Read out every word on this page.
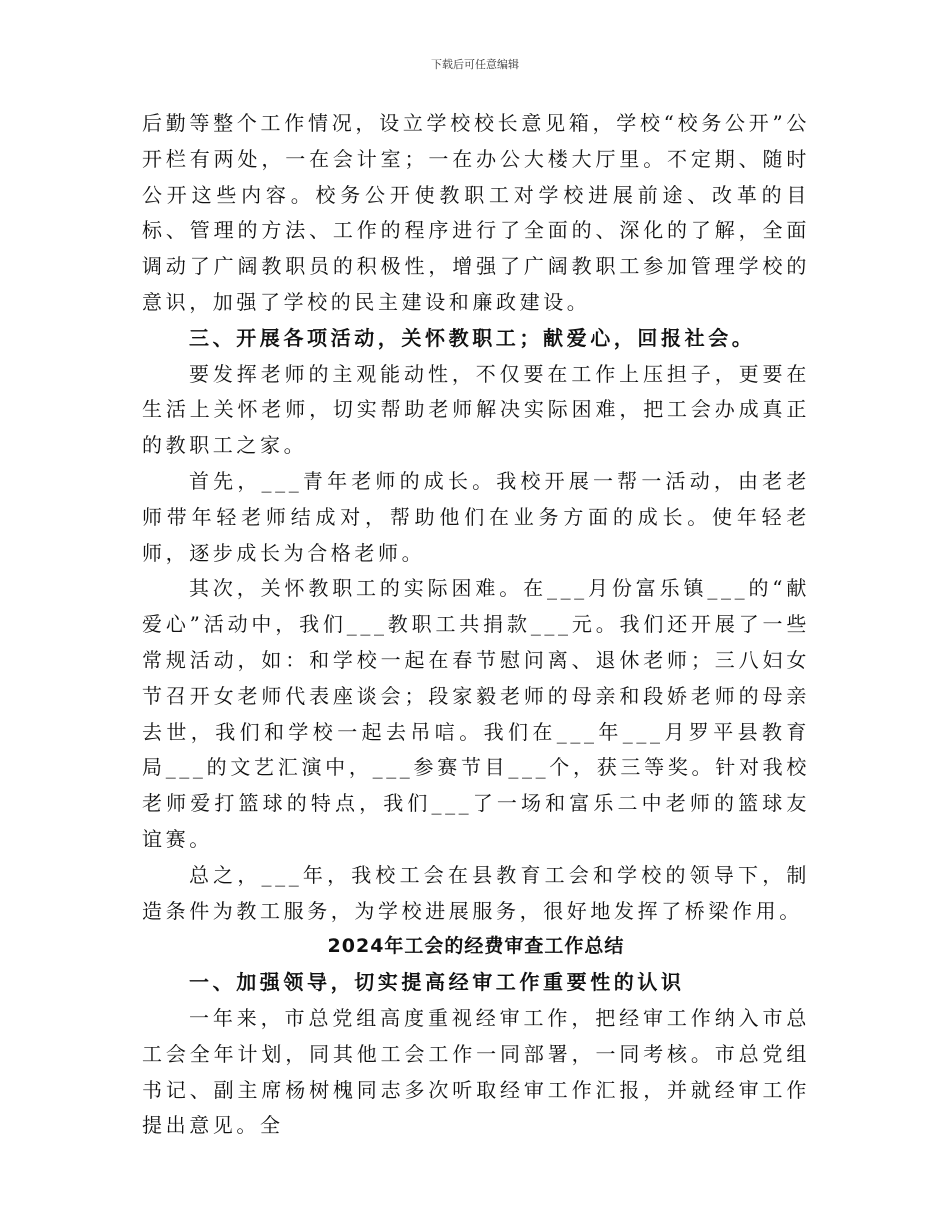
下载后可任意编辑

后勤等整个工作情况，设立学校校长意见箱，学校“校务公开”公开栏有两处，一在会计室；一在办公大楼大厅里。不定期、随时公开这些内容。校务公开使教职工对学校进展前途、改革的目标、管理的方法、工作的程序进行了全面的、深化的了解，全面调动了广阔教职员的积极性，增强了广阔教职工参加管理学校的意识，加强了学校的民主建设和廉政建设。

三、开展各项活动，关怀教职工；献爱心，回报社会。

要发挥老师的主观能动性，不仅要在工作上压担子，更要在生活上关怀老师，切实帮助老师解决实际困难，把工会办成真正的教职工之家。

首先，___青年老师的成长。我校开展一帮一活动，由老老师带年轻老师结成对，帮助他们在业务方面的成长。使年轻老师，逐步成长为合格老师。

其次，关怀教职工的实际困难。在___月份富乐镇___的“献爱心”活动中，我们___教职工共捐款___元。我们还开展了一些常规活动，如：和学校一起在春节慰问离、退休老师；三八妇女节召开女老师代表座谈会；段家毅老师的母亲和段娇老师的母亲去世，我们和学校一起去吊唁。我们在___年___月罗平县教育局___的文艺汇演中，___参赛节目___个，获三等奖。针对我校老师爱打篮球的特点，我们___了一场和富乐二中老师的篮球友谊赛。

总之，___年，我校工会在县教育工会和学校的领导下，制造条件为教工服务，为学校进展服务，很好地发挥了桥梁作用。

2024年工会的经费审查工作总结

一、加强领导，切实提高经审工作重要性的认识

一年来，市总党组高度重视经审工作，把经审工作纳入市总工会全年计划，同其他工会工作一同部署，一同考核。市总党组书记、副主席杨树槐同志多次听取经审工作汇报，并就经审工作提出意见。全
